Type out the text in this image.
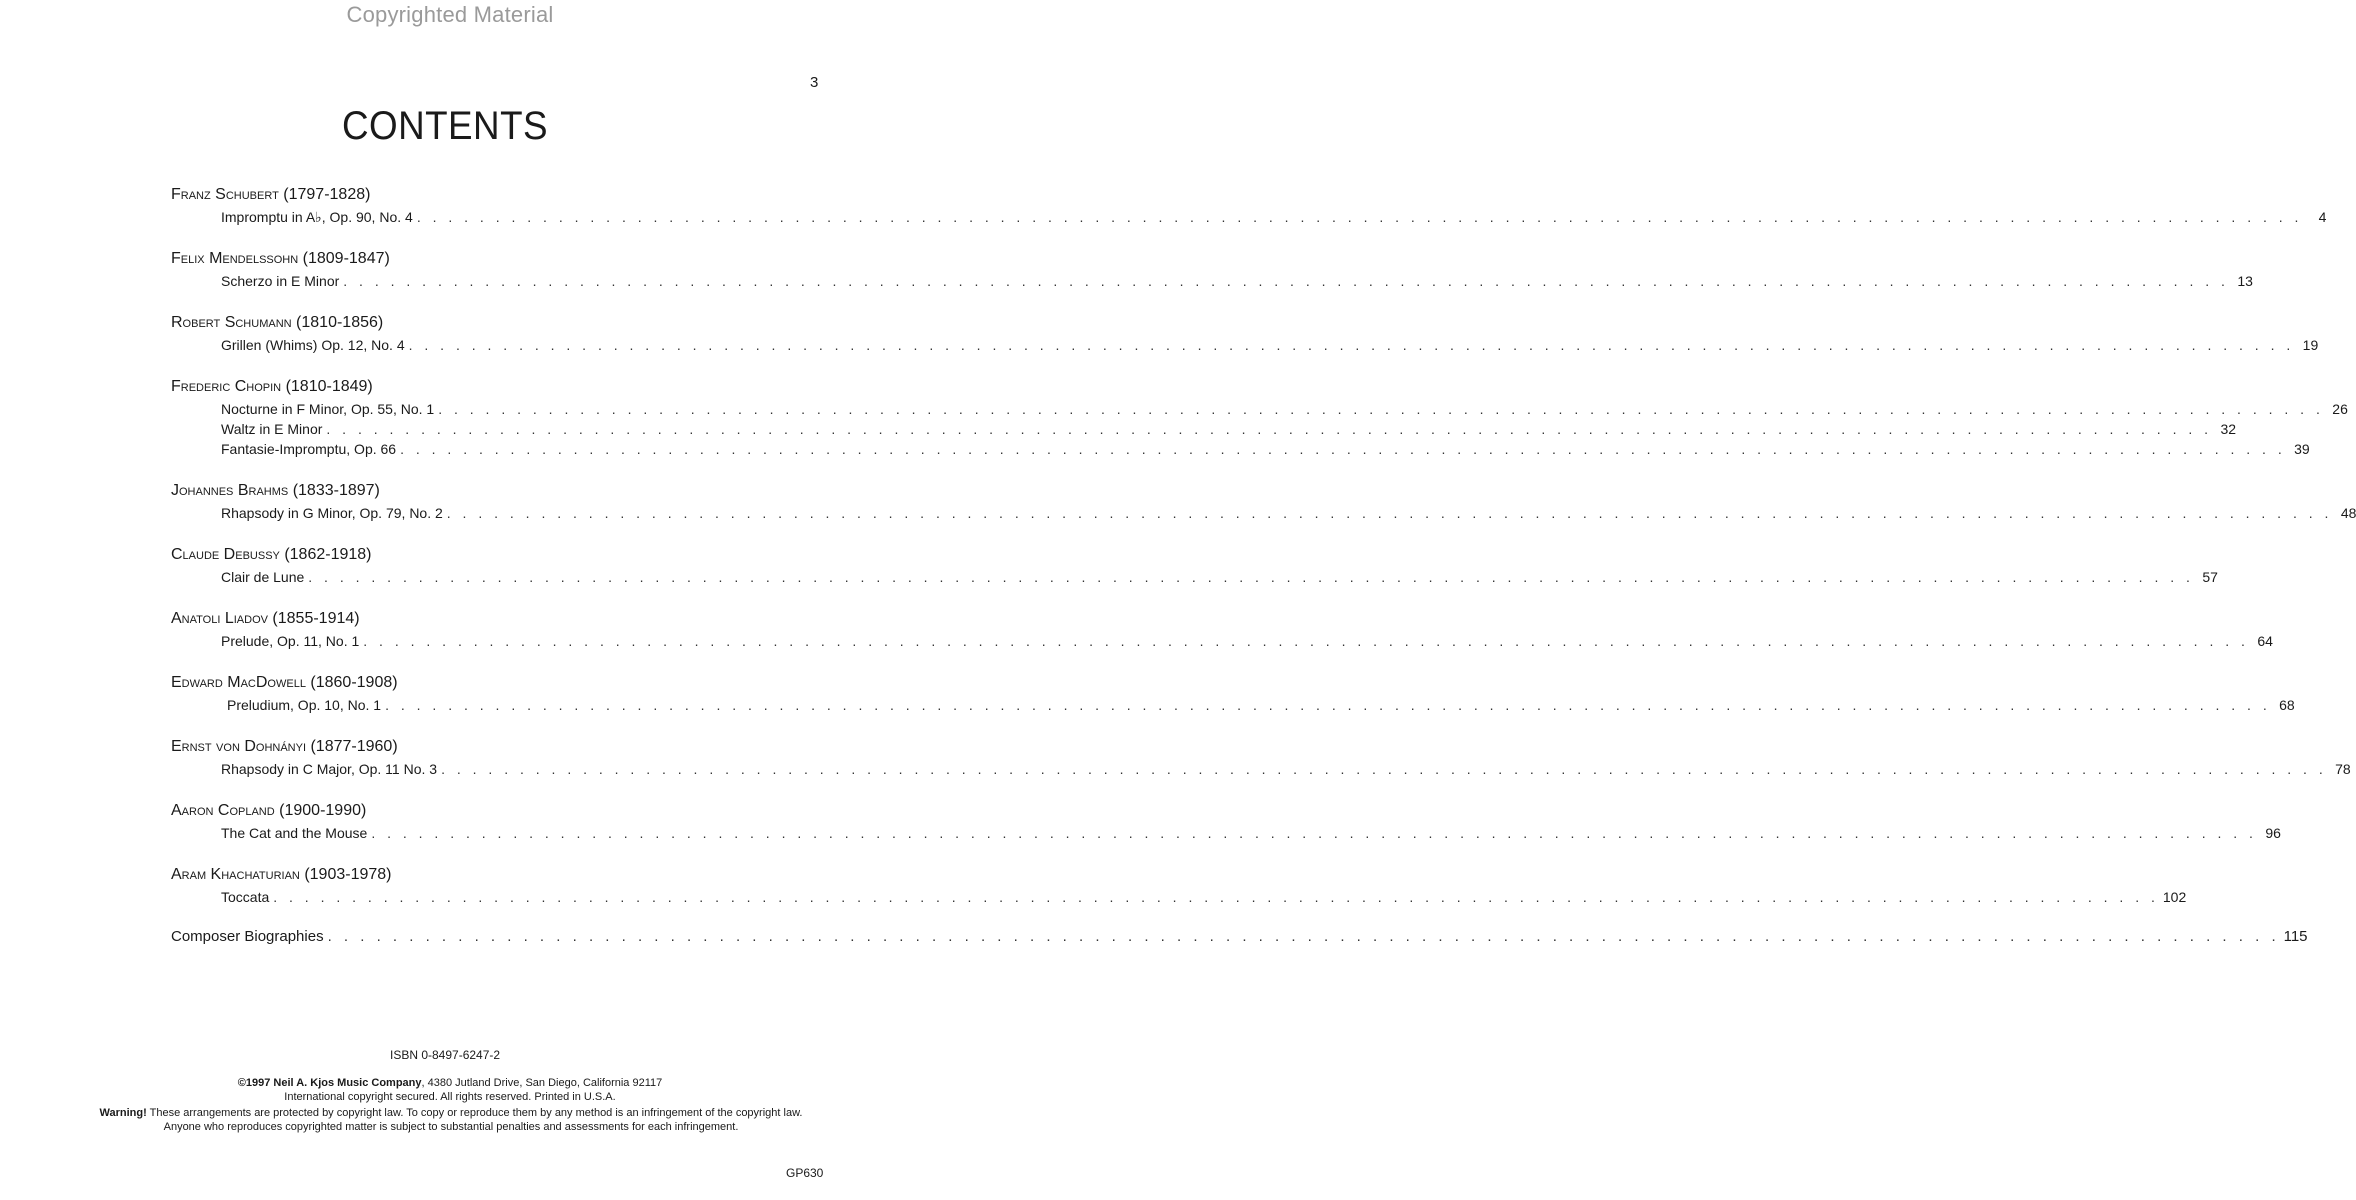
Copyrighted Material
3
CONTENTS
Franz Schubert (1797-1828)
Impromptu in A♭, Op. 90, No. 4 . . . . . . . . . . . . . . . . . . . . . . . . . . . . . . . . . . . . . . . . . . . . . . . . . . . . . . . . . . . . . . . . . . . . . . . . . . . . . . . . . . . . . . . . . . . . . . . . . . . . . . . . . . . . . . . . . . . . . . . .	4
Felix Mendelssohn (1809-1847)
Scherzo in E Minor . . . . . . . . . . . . . . . . . . . . . . . . . . . . . . . . . . . . . . . . . . . . . . . . . . . . . . . . . . . . . . . . . . . . . . . . . . . . . . . . . . . . . . . . . . . . . . . . . . . . . . . . . . . . . . . . . . . . . . . . 13
Robert Schumann (1810-1856)
Grillen (Whims) Op. 12, No. 4 . . . . . . . . . . . . . . . . . . . . . . . . . . . . . . . . . . . . . . . . . . . . . . . . . . . . . . . . . . . . . . . . . . . . . . . . . . . . . . . . . . . . . . . . . . . . . . . . . . . . . . . . . . . . . . . . . . . . . . . . 19
Frederic Chopin (1810-1849)
Nocturne in F Minor, Op. 55, No. 1 . . . . . . . . . . . . . . . . . . . . . . . . . . . . . . . . . . . . . . . . . . . . . . . . . . . . . . . . . . . . . . . . . . . . . . . . . . . . . . . . . . . . . . . . . . . . . . . . . . . . . . . . . . . . . . . . . . . . . . . . 26
Waltz in E Minor . . . . . . . . . . . . . . . . . . . . . . . . . . . . . . . . . . . . . . . . . . . . . . . . . . . . . . . . . . . . . . . . . . . . . . . . . . . . . . . . . . . . . . . . . . . . . . . . . . . . . . . . . . . . . . . . . . . . . . . . 32
Fantasie-Impromptu, Op. 66 . . . . . . . . . . . . . . . . . . . . . . . . . . . . . . . . . . . . . . . . . . . . . . . . . . . . . . . . . . . . . . . . . . . . . . . . . . . . . . . . . . . . . . . . . . . . . . . . . . . . . . . . . . . . . . . . . . . . . . . . 39
Johannes Brahms (1833-1897)
Rhapsody in G Minor, Op. 79, No. 2 . . . . . . . . . . . . . . . . . . . . . . . . . . . . . . . . . . . . . . . . . . . . . . . . . . . . . . . . . . . . . . . . . . . . . . . . . . . . . . . . . . . . . . . . . . . . . . . . . . . . . . . . . . . . . . . . . . . . . . . . 48
Claude Debussy (1862-1918)
Clair de Lune . . . . . . . . . . . . . . . . . . . . . . . . . . . . . . . . . . . . . . . . . . . . . . . . . . . . . . . . . . . . . . . . . . . . . . . . . . . . . . . . . . . . . . . . . . . . . . . . . . . . . . . . . . . . . . . . . . . . . . . . 57
Anatoli Liadov (1855-1914)
Prelude, Op. 11, No. 1 . . . . . . . . . . . . . . . . . . . . . . . . . . . . . . . . . . . . . . . . . . . . . . . . . . . . . . . . . . . . . . . . . . . . . . . . . . . . . . . . . . . . . . . . . . . . . . . . . . . . . . . . . . . . . . . . . . . . . . . . 64
Edward MacDowell (1860-1908)
Preludium, Op. 10, No. 1 . . . . . . . . . . . . . . . . . . . . . . . . . . . . . . . . . . . . . . . . . . . . . . . . . . . . . . . . . . . . . . . . . . . . . . . . . . . . . . . . . . . . . . . . . . . . . . . . . . . . . . . . . . . . . . . . . . . . . . . . 68
Ernst von Dohnányi (1877-1960)
Rhapsody in C Major, Op. 11 No. 3 . . . . . . . . . . . . . . . . . . . . . . . . . . . . . . . . . . . . . . . . . . . . . . . . . . . . . . . . . . . . . . . . . . . . . . . . . . . . . . . . . . . . . . . . . . . . . . . . . . . . . . . . . . . . . . . . . . . . . . . . 78
Aaron Copland (1900-1990)
The Cat and the Mouse . . . . . . . . . . . . . . . . . . . . . . . . . . . . . . . . . . . . . . . . . . . . . . . . . . . . . . . . . . . . . . . . . . . . . . . . . . . . . . . . . . . . . . . . . . . . . . . . . . . . . . . . . . . . . . . . . . . . . . . . 96
Aram Khachaturian (1903-1978)
Toccata . . . . . . . . . . . . . . . . . . . . . . . . . . . . . . . . . . . . . . . . . . . . . . . . . . . . . . . . . . . . . . . . . . . . . . . . . . . . . . . . . . . . . . . . . . . . . . . . . . . . . . . . . . . . . . . . . . . . . . . . 102
Composer Biographies . . . . . . . . . . . . . . . . . . . . . . . . . . . . . . . . . . . . . . . . . . . . . . . . . . . . . . . . . . . . . . . . . . . . . . . . . . . . . . . . . . . . . . . . . . . . . . . . . . . . . . . . . . . . . . . . . . . . . . . . 115
ISBN 0-8497-6247-2
©1997 Neil A. Kjos Music Company, 4380 Jutland Drive, San Diego, California 92117
International copyright secured. All rights reserved. Printed in U.S.A.
Warning! These arrangements are protected by copyright law. To copy or reproduce them by any method is an infringement of the copyright law. Anyone who reproduces copyrighted matter is subject to substantial penalties and assessments for each infringement.
GP630
